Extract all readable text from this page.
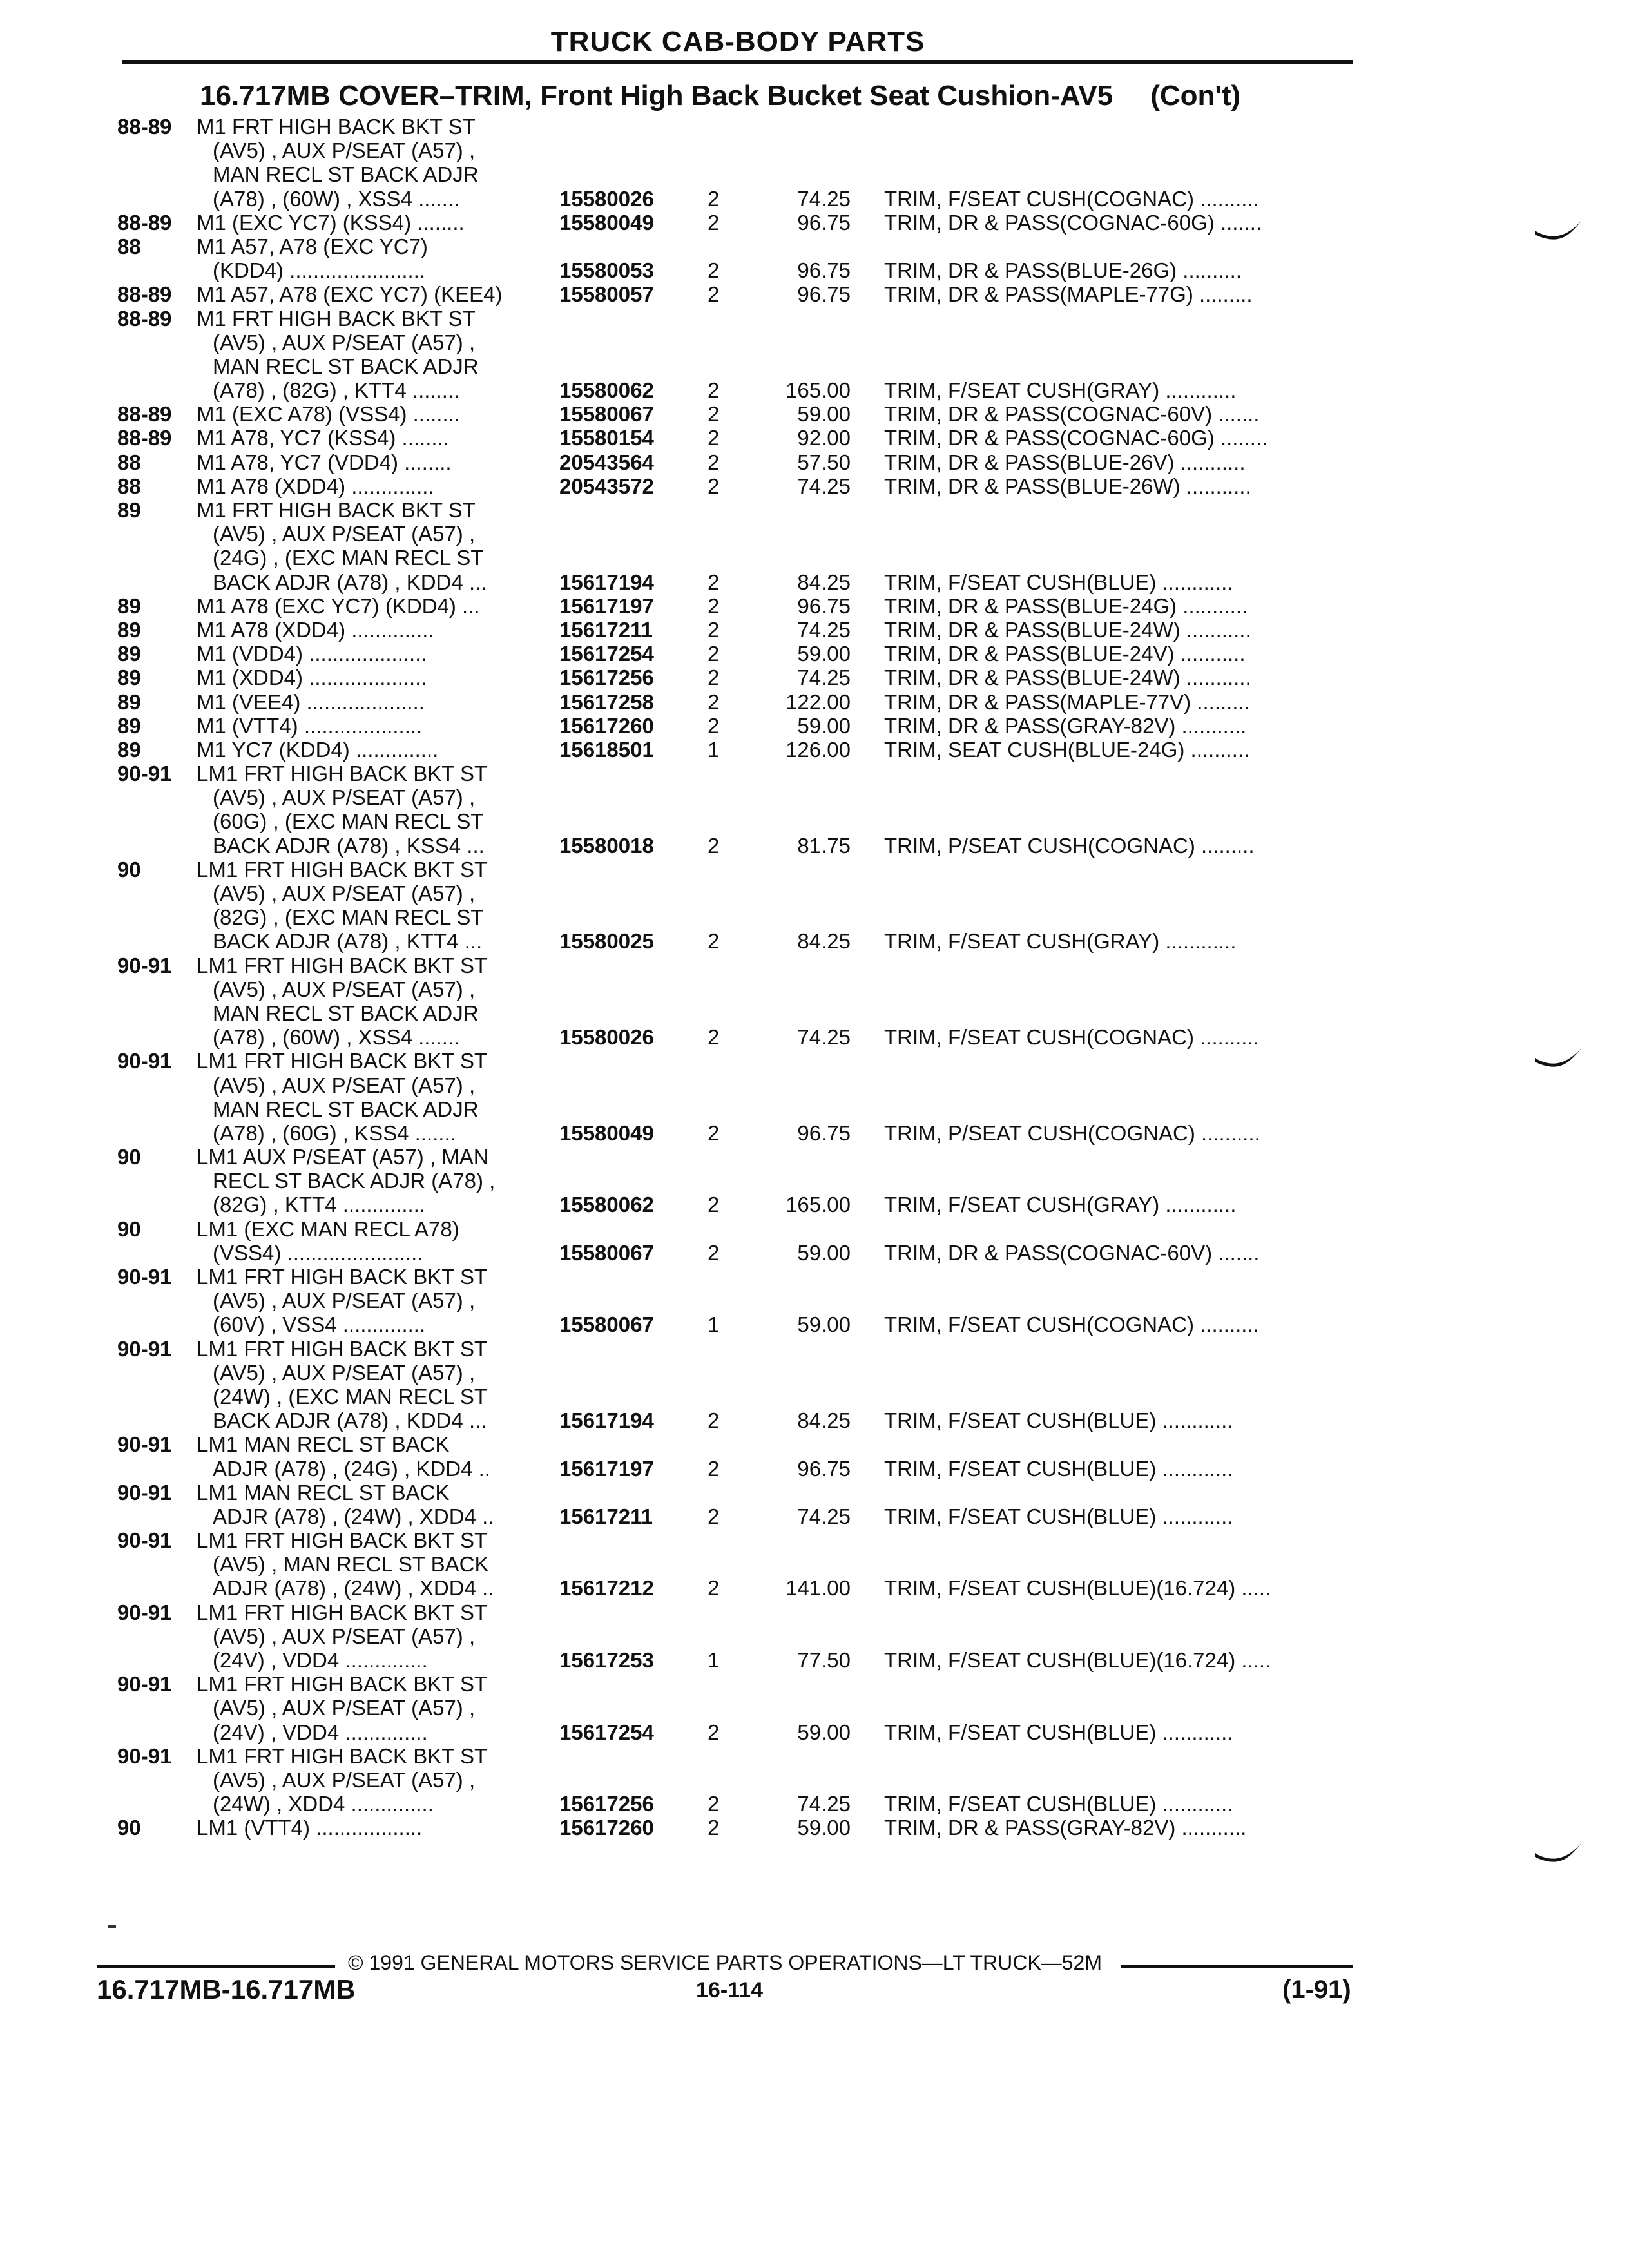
TRUCK CAB-BODY PARTS
16.717MB COVER–TRIM, Front High Back Bucket Seat Cushion-AV5 (Con't)
88-89 M1 FRT HIGH BACK BKT ST
(AV5) , AUX P/SEAT (A57) ,
MAN RECL ST BACK ADJR
(A78) , (60W) , XSS4 .......	15580026	2	74.25 TRIM, F/SEAT CUSH(COGNAC) ..........
88-89 M1 (EXC YC7) (KSS4) ........	15580049	2	96.75 TRIM, DR & PASS(COGNAC-60G) .......
88	M1 A57, A78 (EXC YC7)
(KDD4) .......................	15580053	2	96.75 TRIM, DR & PASS(BLUE-26G) ..........
88-89 M1 A57, A78 (EXC YC7) (KEE4)	15580057	2	96.75 TRIM, DR & PASS(MAPLE-77G) .........
88-89 M1 FRT HIGH BACK BKT ST
(AV5) , AUX P/SEAT (A57) ,
MAN RECL ST BACK ADJR
(A78) , (82G) , KTT4 ........	15580062	2	165.00 TRIM, F/SEAT CUSH(GRAY) ............
88-89 M1 (EXC A78) (VSS4) ........	15580067	2	59.00 TRIM, DR & PASS(COGNAC-60V) .......
88-89 M1 A78, YC7 (KSS4) ........	15580154	2	92.00 TRIM, DR & PASS(COGNAC-60G) ........
88	M1 A78, YC7 (VDD4) ........	20543564	2	57.50 TRIM, DR & PASS(BLUE-26V) ...........
88	M1 A78 (XDD4) ..............	20543572	2	74.25 TRIM, DR & PASS(BLUE-26W) ...........
89	M1 FRT HIGH BACK BKT ST
(AV5) , AUX P/SEAT (A57) ,
(24G) , (EXC MAN RECL ST
BACK ADJR (A78) , KDD4 ...	15617194	2	84.25 TRIM, F/SEAT CUSH(BLUE) ............
89	M1 A78 (EXC YC7) (KDD4) ...	15617197	2	96.75 TRIM, DR & PASS(BLUE-24G) ...........
89	M1 A78 (XDD4) ..............	15617211	2	74.25 TRIM, DR & PASS(BLUE-24W) ...........
89	M1 (VDD4) ....................	15617254	2	59.00 TRIM, DR & PASS(BLUE-24V) ...........
89	M1 (XDD4) ....................	15617256	2	74.25 TRIM, DR & PASS(BLUE-24W) ...........
89	M1 (VEE4) ....................	15617258	2	122.00 TRIM, DR & PASS(MAPLE-77V) .........
89	M1 (VTT4) ....................	15617260	2	59.00 TRIM, DR & PASS(GRAY-82V) ...........
89	M1 YC7 (KDD4) ..............	15618501	1	126.00 TRIM, SEAT CUSH(BLUE-24G) ..........
90-91 LM1 FRT HIGH BACK BKT ST
(AV5) , AUX P/SEAT (A57) ,
(60G) , (EXC MAN RECL ST
BACK ADJR (A78) , KSS4 ...	15580018	2	81.75 TRIM, P/SEAT CUSH(COGNAC) .........
90	LM1 FRT HIGH BACK BKT ST
(AV5) , AUX P/SEAT (A57) ,
(82G) , (EXC MAN RECL ST
BACK ADJR (A78) , KTT4 ...	15580025	2	84.25 TRIM, F/SEAT CUSH(GRAY) ............
90-91 LM1 FRT HIGH BACK BKT ST
(AV5) , AUX P/SEAT (A57) ,
MAN RECL ST BACK ADJR
(A78) , (60W) , XSS4 .......	15580026	2	74.25 TRIM, F/SEAT CUSH(COGNAC) ..........
90-91 LM1 FRT HIGH BACK BKT ST
(AV5) , AUX P/SEAT (A57) ,
MAN RECL ST BACK ADJR
(A78) , (60G) , KSS4 .......	15580049	2	96.75 TRIM, P/SEAT CUSH(COGNAC) ..........
90	LM1 AUX P/SEAT (A57) , MAN
RECL ST BACK ADJR (A78) ,
(82G) , KTT4 ..............	15580062	2	165.00 TRIM, F/SEAT CUSH(GRAY) ............
90	LM1 (EXC MAN RECL A78)
(VSS4) .......................	15580067	2	59.00 TRIM, DR & PASS(COGNAC-60V) .......
90-91 LM1 FRT HIGH BACK BKT ST
(AV5) , AUX P/SEAT (A57) ,
(60V) , VSS4 ..............	15580067	1	59.00 TRIM, F/SEAT CUSH(COGNAC) ..........
90-91 LM1 FRT HIGH BACK BKT ST
(AV5) , AUX P/SEAT (A57) ,
(24W) , (EXC MAN RECL ST
BACK ADJR (A78) , KDD4 ...	15617194	2	84.25 TRIM, F/SEAT CUSH(BLUE) ............
90-91 LM1 MAN RECL ST BACK
ADJR (A78) , (24G) , KDD4 ..	15617197	2	96.75 TRIM, F/SEAT CUSH(BLUE) ............
90-91 LM1 MAN RECL ST BACK
ADJR (A78) , (24W) , XDD4 ..	15617211	2	74.25 TRIM, F/SEAT CUSH(BLUE) ............
90-91 LM1 FRT HIGH BACK BKT ST
(AV5) , MAN RECL ST BACK
ADJR (A78) , (24W) , XDD4 ..	15617212	2	141.00 TRIM, F/SEAT CUSH(BLUE)(16.724) .....
90-91 LM1 FRT HIGH BACK BKT ST
(AV5) , AUX P/SEAT (A57) ,
(24V) , VDD4 ..............	15617253	1	77.50 TRIM, F/SEAT CUSH(BLUE)(16.724) .....
90-91 LM1 FRT HIGH BACK BKT ST
(AV5) , AUX P/SEAT (A57) ,
(24V) , VDD4 ..............	15617254	2	59.00 TRIM, F/SEAT CUSH(BLUE) ............
90-91 LM1 FRT HIGH BACK BKT ST
(AV5) , AUX P/SEAT (A57) ,
(24W) , XDD4 ..............	15617256	2	74.25 TRIM, F/SEAT CUSH(BLUE) ............
90	LM1 (VTT4) ..................	15617260	2	59.00 TRIM, DR & PASS(GRAY-82V) ...........
© 1991 GENERAL MOTORS SERVICE PARTS OPERATIONS—LT TRUCK—52M
16.717MB-16.717MB	16-114	(1-91)
